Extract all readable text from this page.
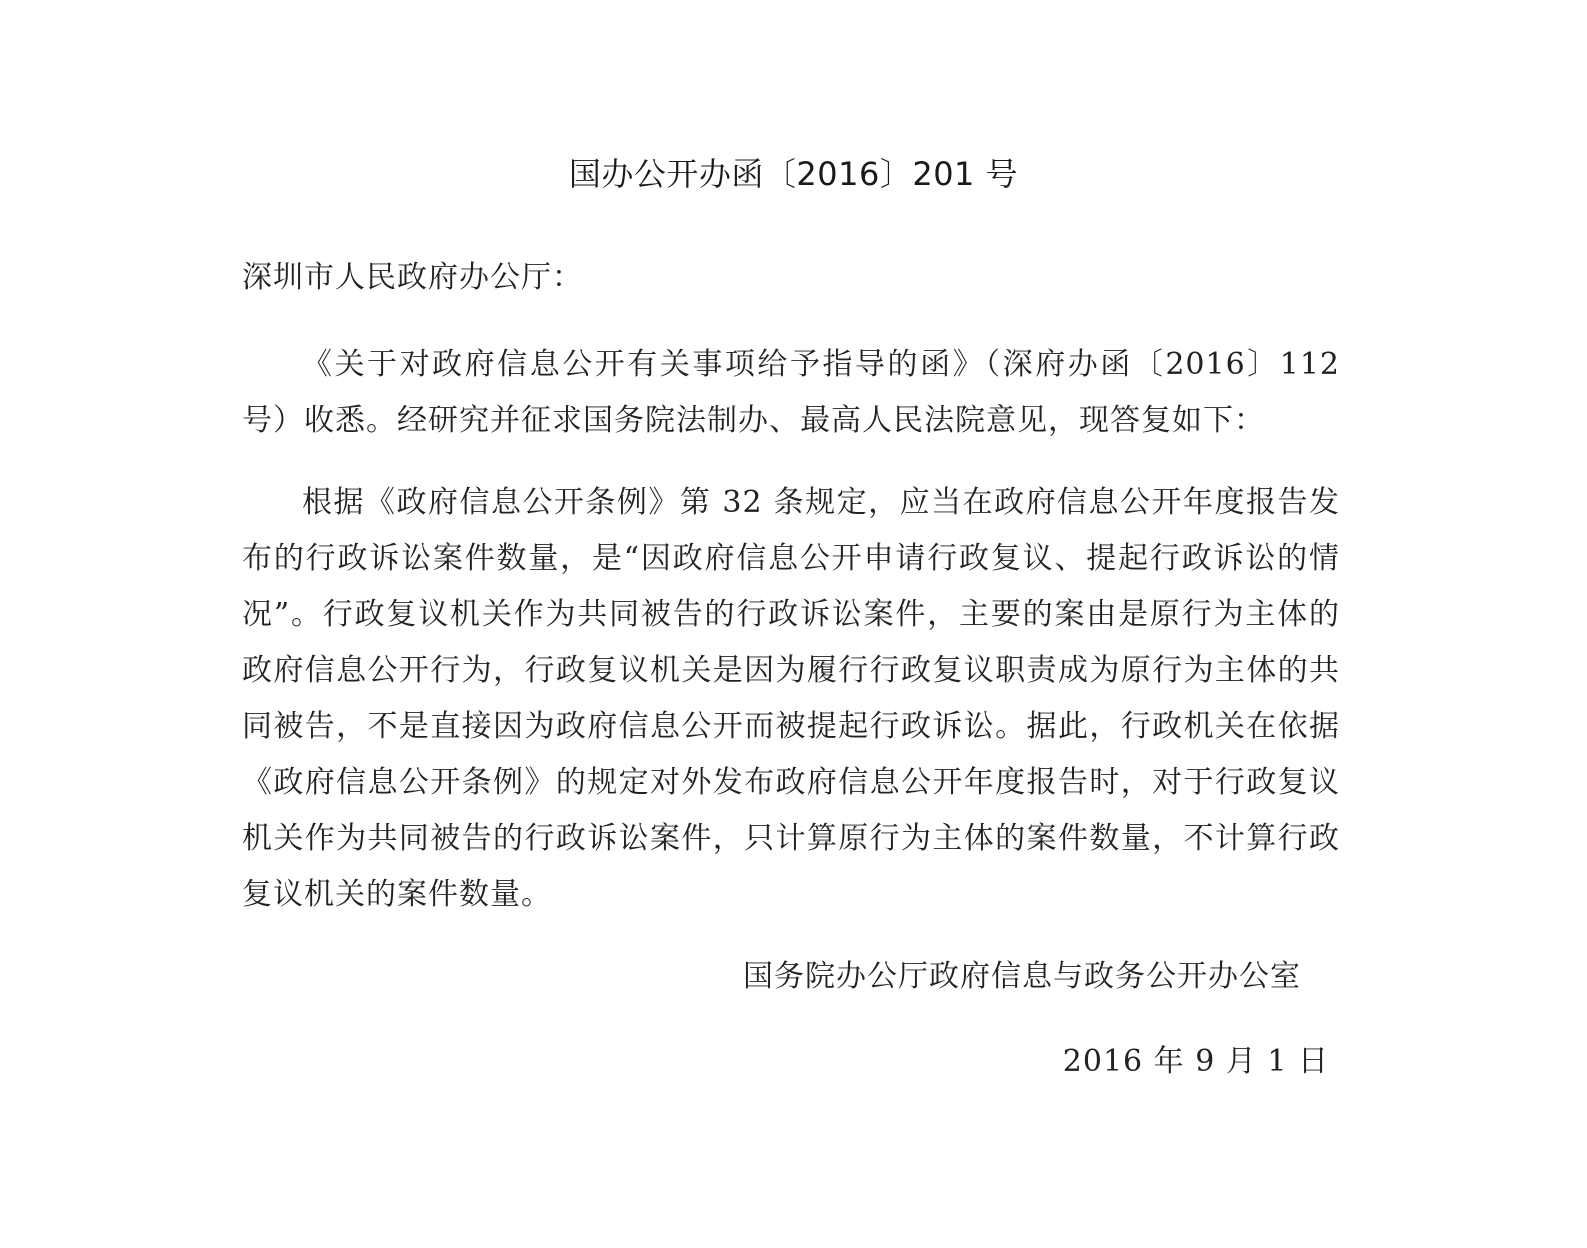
国办公开办函〔2016〕201 号
深圳市人民政府办公厅：

《关于对政府信息公开有关事项给予指导的函》（深府办函〔2016〕112 号）收悉。经研究并征求国务院法制办、最高人民法院意见，现答复如下：

根据《政府信息公开条例》第 32 条规定，应当在政府信息公开年度报告发布的行政诉讼案件数量，是“因政府信息公开申请行政复议、提起行政诉讼的情况”。行政复议机关作为共同被告的行政诉讼案件，主要的案由是原行为主体的政府信息公开行为，行政复议机关是因为履行行政复议职责成为原行为主体的共同被告，不是直接因为政府信息公开而被提起行政诉讼。据此，行政机关在依据《政府信息公开条例》的规定对外发布政府信息公开年度报告时，对于行政复议机关作为共同被告的行政诉讼案件，只计算原行为主体的案件数量，不计算行政复议机关的案件数量。

国务院办公厅政府信息与政务公开办公室
2016 年 9 月 1 日
